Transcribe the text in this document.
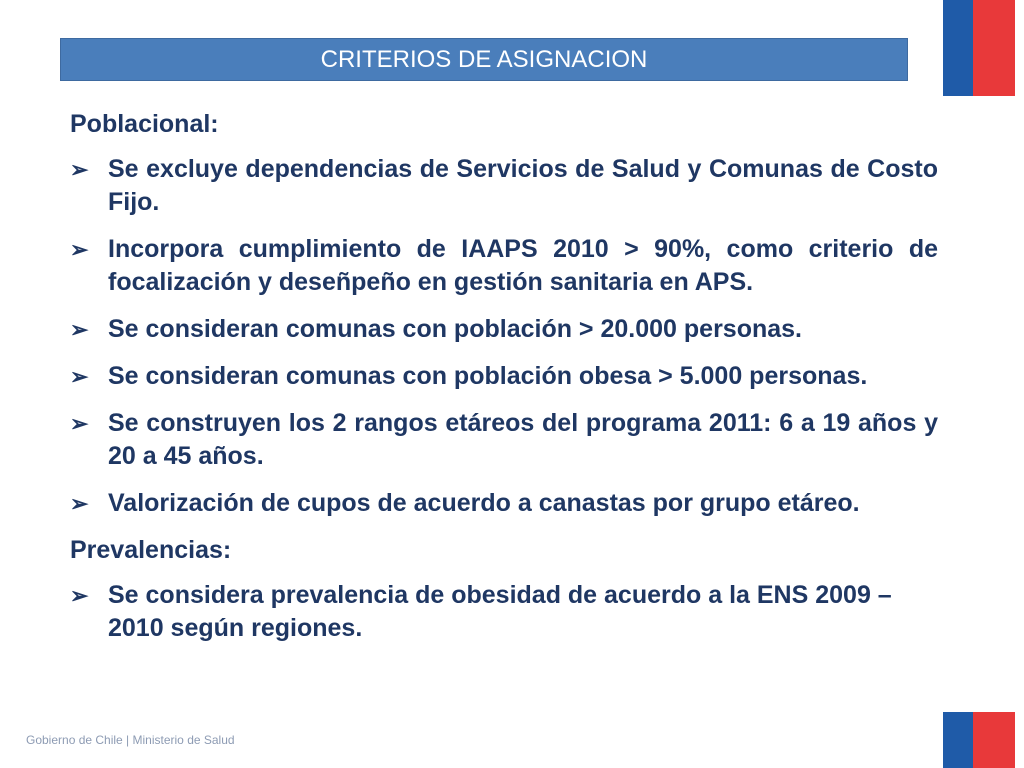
CRITERIOS DE ASIGNACION
Poblacional:
➢ Se excluye dependencias de Servicios de Salud y Comunas de Costo Fijo.
➢ Incorpora cumplimiento de IAAPS 2010 > 90%, como criterio de focalización y deseñpeño en gestión sanitaria en APS.
➢ Se consideran comunas con población > 20.000 personas.
➢ Se consideran comunas con población obesa > 5.000 personas.
➢ Se construyen los 2 rangos etáreos del programa 2011: 6 a 19 años y 20 a 45 años.
➢ Valorización de cupos de acuerdo a canastas por grupo etáreo.
Prevalencias:
➢ Se considera prevalencia de obesidad de acuerdo a la ENS 2009 – 2010 según regiones.
Gobierno de Chile | Ministerio de Salud
